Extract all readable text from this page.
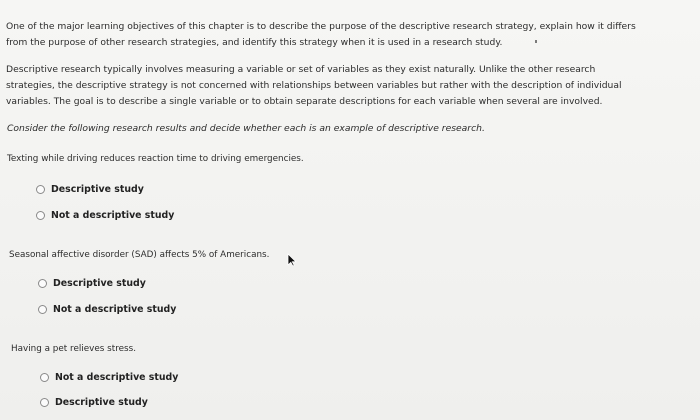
One of the major learning objectives of this chapter is to describe the purpose of the descriptive research strategy, explain how it differs from the purpose of other research strategies, and identify this strategy when it is used in a research study.

Descriptive research typically involves measuring a variable or set of variables as they exist naturally. Unlike the other research strategies, the descriptive strategy is not concerned with relationships between variables but rather with the description of individual variables. The goal is to describe a single variable or to obtain separate descriptions for each variable when several are involved.

Consider the following research results and decide whether each is an example of descriptive research.

Texting while driving reduces reaction time to driving emergencies.
Descriptive study
Not a descriptive study
Seasonal affective disorder (SAD) affects 5% of Americans.
Descriptive study
Not a descriptive study
Having a pet relieves stress.
Not a descriptive study
Descriptive study
